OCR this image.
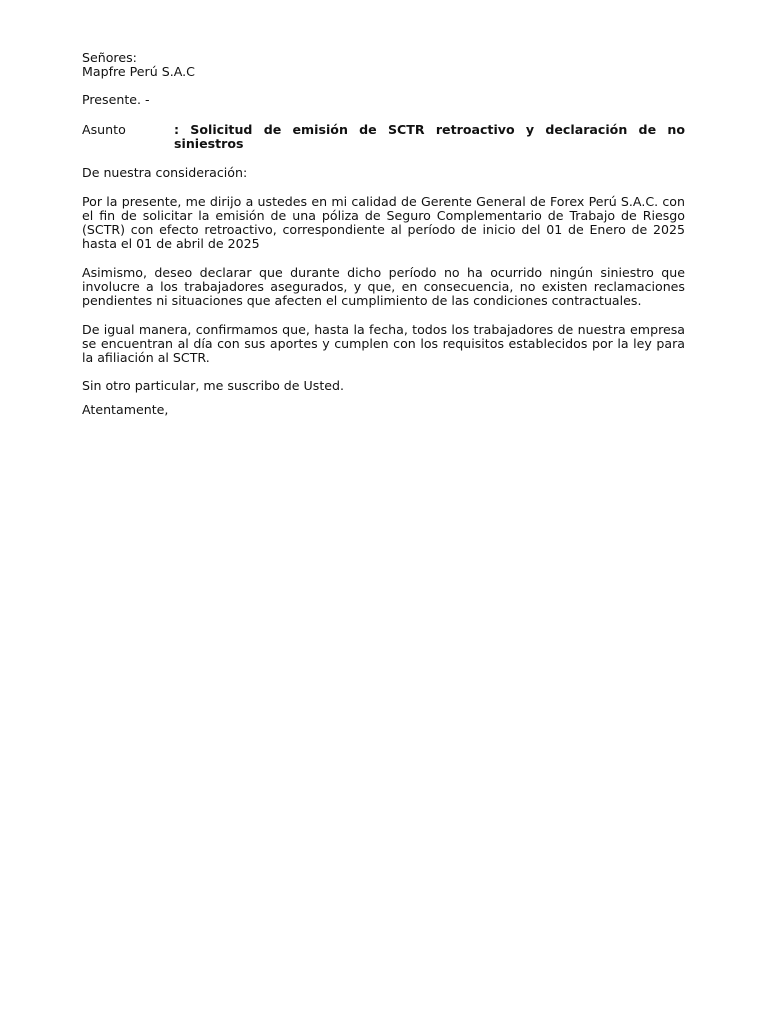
Señores:
Mapfre Perú S.A.C
Presente. -
Asunto	: Solicitud de emisión de SCTR retroactivo y declaración de no siniestros
De nuestra consideración:

Por la presente, me dirijo a ustedes en mi calidad de Gerente General de Forex Perú S.A.C. con el fin de solicitar la emisión de una póliza de Seguro Complementario de Trabajo de Riesgo (SCTR) con efecto retroactivo, correspondiente al período de inicio del 01 de Enero de 2025 hasta el 01 de abril de 2025

Asimismo, deseo declarar que durante dicho período no ha ocurrido ningún siniestro que involucre a los trabajadores asegurados, y que, en consecuencia, no existen reclamaciones pendientes ni situaciones que afecten el cumplimiento de las condiciones contractuales.

De igual manera, confirmamos que, hasta la fecha, todos los trabajadores de nuestra empresa se encuentran al día con sus aportes y cumplen con los requisitos establecidos por la ley para la afiliación al SCTR.

Sin otro particular, me suscribo de Usted.
Atentamente,
